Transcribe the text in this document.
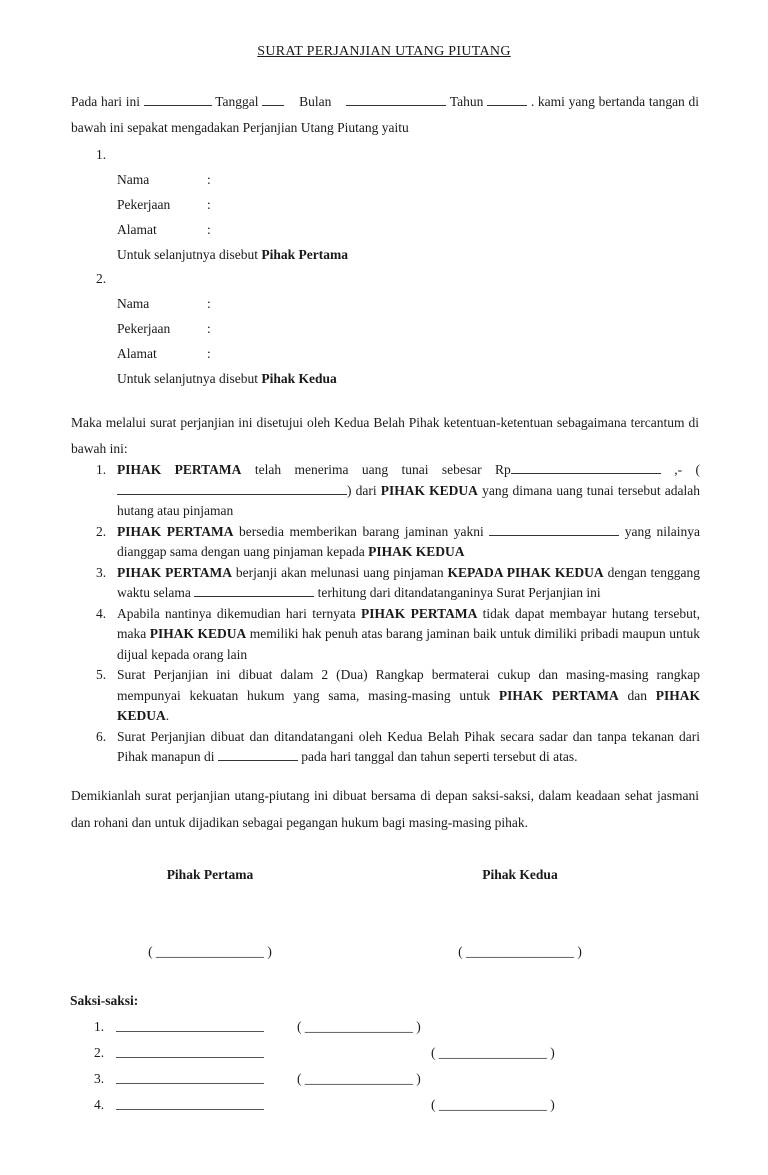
SURAT PERJANJIAN UTANG PIUTANG
Pada hari ini	Tanggal	Bulan	Tahun	. kami yang bertanda tangan di bawah ini sepakat mengadakan Perjanjian Utang Piutang yaitu
1.
Nama	:
Pekerjaan	:
Alamat	:
Untuk selanjutnya disebut Pihak Pertama
2.
Nama	:
Pekerjaan	:
Alamat	:
Untuk selanjutnya disebut Pihak Kedua
Maka melalui surat perjanjian ini disetujui oleh Kedua Belah Pihak ketentuan-ketentuan sebagaimana tercantum di bawah ini:
1. PIHAK PERTAMA telah menerima uang tunai sebesar Rp	,- () dari PIHAK KEDUA yang dimana uang tunai tersebut adalah hutang atau pinjaman
2. PIHAK PERTAMA bersedia memberikan barang jaminan yakni	yang nilainya dianggap sama dengan uang pinjaman kepada PIHAK KEDUA
3. PIHAK PERTAMA berjanji akan melunasi uang pinjaman KEPADA PIHAK KEDUA dengan tenggang waktu selama	terhitung dari ditandatanganinya Surat Perjanjian ini
4. Apabila nantinya dikemudian hari ternyata PIHAK PERTAMA tidak dapat membayar hutang tersebut, maka PIHAK KEDUA memiliki hak penuh atas barang jaminan baik untuk dimiliki pribadi maupun untuk dijual kepada orang lain
5. Surat Perjanjian ini dibuat dalam 2 (Dua) Rangkap bermaterai cukup dan masing-masing rangkap mempunyai kekuatan hukum yang sama, masing-masing untuk PIHAK PERTAMA dan PIHAK KEDUA.
6. Surat Perjanjian dibuat dan ditandatangani oleh Kedua Belah Pihak secara sadar dan tanpa tekanan dari Pihak manapun di	pada hari tanggal dan tahun seperti tersebut di atas.
Demikianlah surat perjanjian utang-piutang ini dibuat bersama di depan saksi-saksi, dalam keadaan sehat jasmani dan rohani dan untuk dijadikan sebagai pegangan hukum bagi masing-masing pihak.
Pihak Pertama	Pihak Kedua
( ________________ )	( ________________ )
Saksi-saksi:
1.	( ________________ )
2.	( ________________ )
3.	( ________________ )
4.	( ________________ )
